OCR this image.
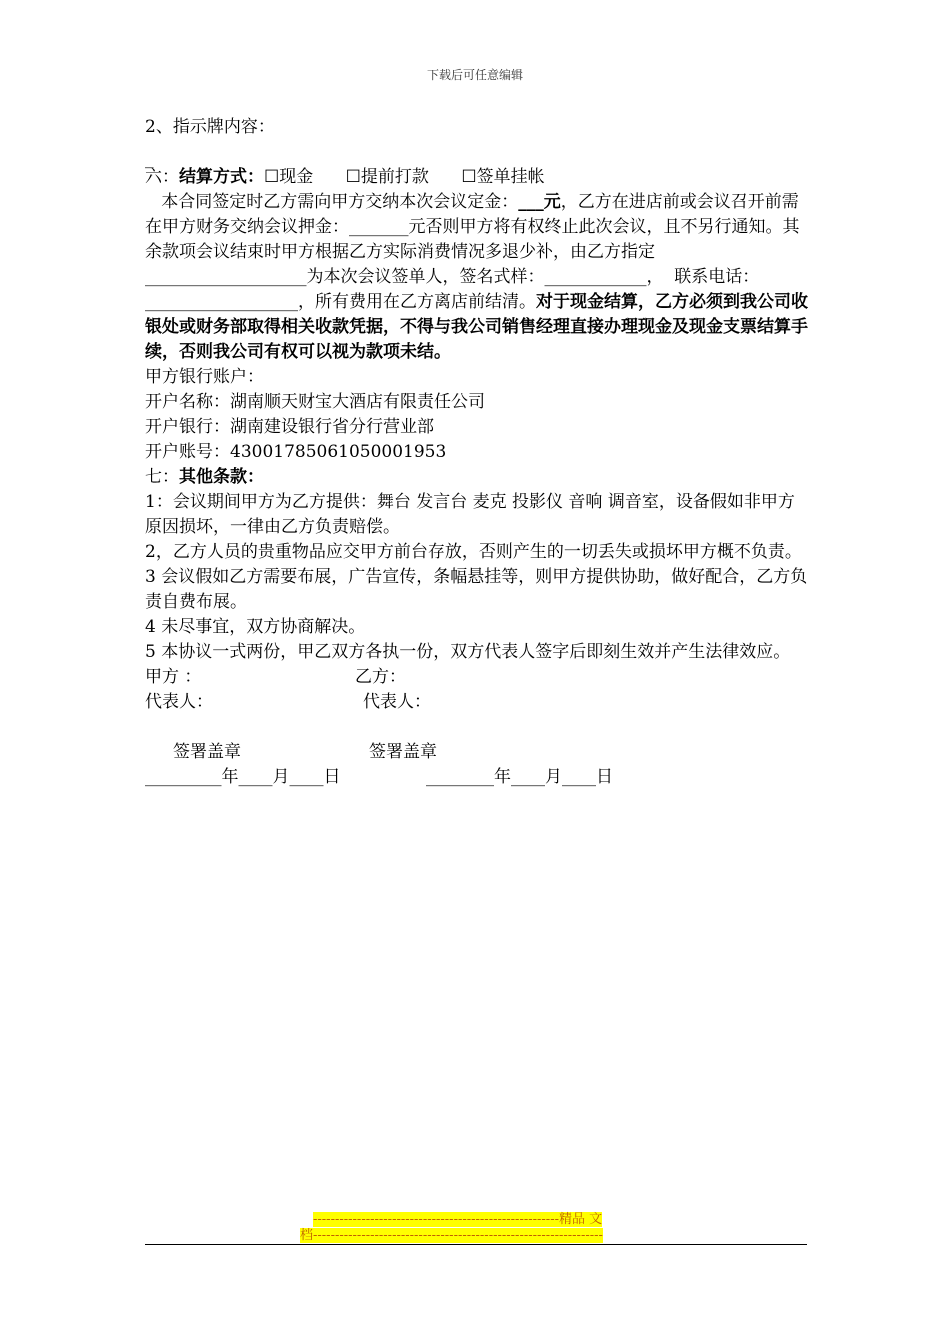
下载后可任意编辑

2、指示牌内容：

_

六：结算方式：☐现金      ☐提前打款      ☐签单挂帐

本合同签定时乙方需向甲方交纳本次会议定金：___元，乙方在进店前或会议召开前需在甲方财务交纳会议押金：_______元否则甲方将有权终止此次会议，且不另行通知。其余款项会议结束时甲方根据乙方实际消费情况多退少补，由乙方指定___________________为本次会议签单人，签名式样：____________，  联系电话：__________________，所有费用在乙方离店前结清。对于现金结算，乙方必须到我公司收银处或财务部取得相关收款凭据，不得与我公司销售经理直接办理现金及现金支票结算手续，否则我公司有权可以视为款项未结。

甲方银行账户：

开户名称：湖南顺天财宝大酒店有限责任公司

开户银行：湖南建设银行省分行营业部

开户账号：43001785061050001953

七：其他条款：

1：会议期间甲方为乙方提供：舞台 发言台 麦克 投影仪 音响 调音室，设备假如非甲方原因损坏，一律由乙方负责赔偿。

2，乙方人员的贵重物品应交甲方前台存放，否则产生的一切丢失或损坏甲方概不负责。

3 会议假如乙方需要布展，广告宣传，条幅悬挂等，则甲方提供协助，做好配合，乙方负责自费布展。

4 未尽事宜，双方协商解决。

5 本协议一式两份，甲乙双方各执一份，双方代表人签字后即刻生效并产生法律效应。

甲方 ：	乙方：
代表人：	代表人：
签署盖章	签署盖章
_________年____月____日	________年____月____日
--------------------------------------------------------精品 文
档------------------------------------------------------------------
